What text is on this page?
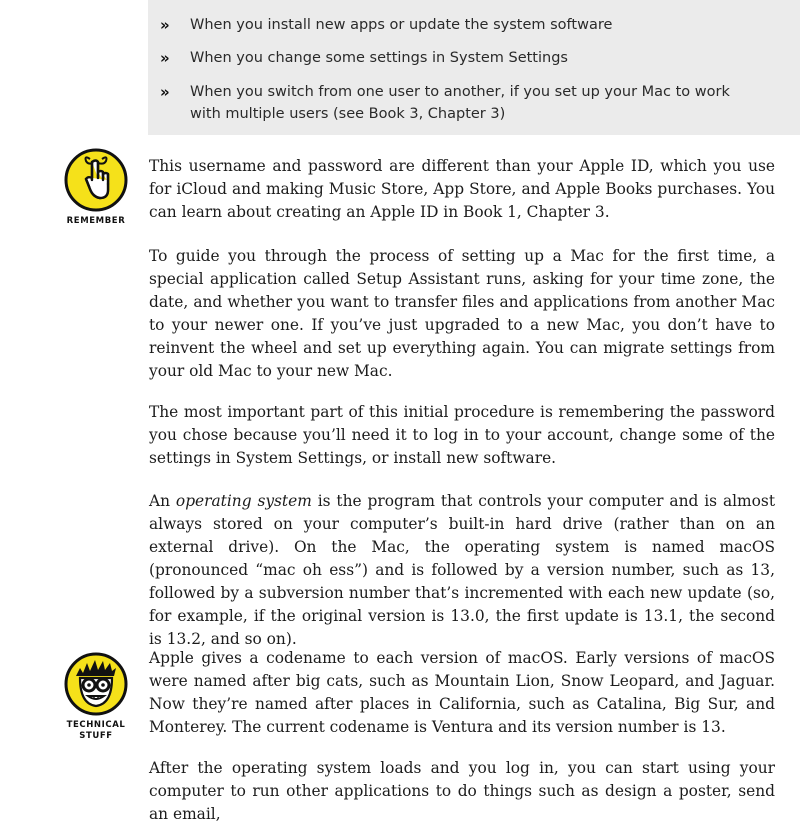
» When you install new apps or update the system software
» When you change some settings in System Settings
» When you switch from one user to another, if you set up your Mac to work
with multiple users (see Book 3, Chapter 3)
REMEMBER
TECHNICAL
STUFF

This username and password are different than your Apple ID, which you use for iCloud and making Music Store, App Store, and Apple Books purchases. You can learn about creating an Apple ID in Book 1, Chapter 3.

To guide you through the process of setting up a Mac for the first time, a special application called Setup Assistant runs, asking for your time zone, the date, and whether you want to transfer files and applications from another Mac to your newer one. If you’ve just upgraded to a new Mac, you don’t have to reinvent the wheel and set up everything again. You can migrate settings from your old Mac to your new Mac.

The most important part of this initial procedure is remembering the password you chose because you’ll need it to log in to your account, change some of the settings in System Settings, or install new software.

An operating system is the program that controls your computer and is almost always stored on your computer’s built-in hard drive (rather than on an external drive). On the Mac, the operating system is named macOS (pronounced “mac oh ess”) and is followed by a version number, such as 13, followed by a subversion number that’s incremented with each new update (so, for example, if the original version is 13.0, the first update is 13.1, the second is 13.2, and so on).

Apple gives a codename to each version of macOS. Early versions of macOS were named after big cats, such as Mountain Lion, Snow Leopard, and Jaguar. Now they’re named after places in California, such as Catalina, Big Sur, and Monterey. The current codename is Ventura and its version number is 13.

After the operating system loads and you log in, you can start using your computer to run other applications to do things such as design a poster, send an email,
